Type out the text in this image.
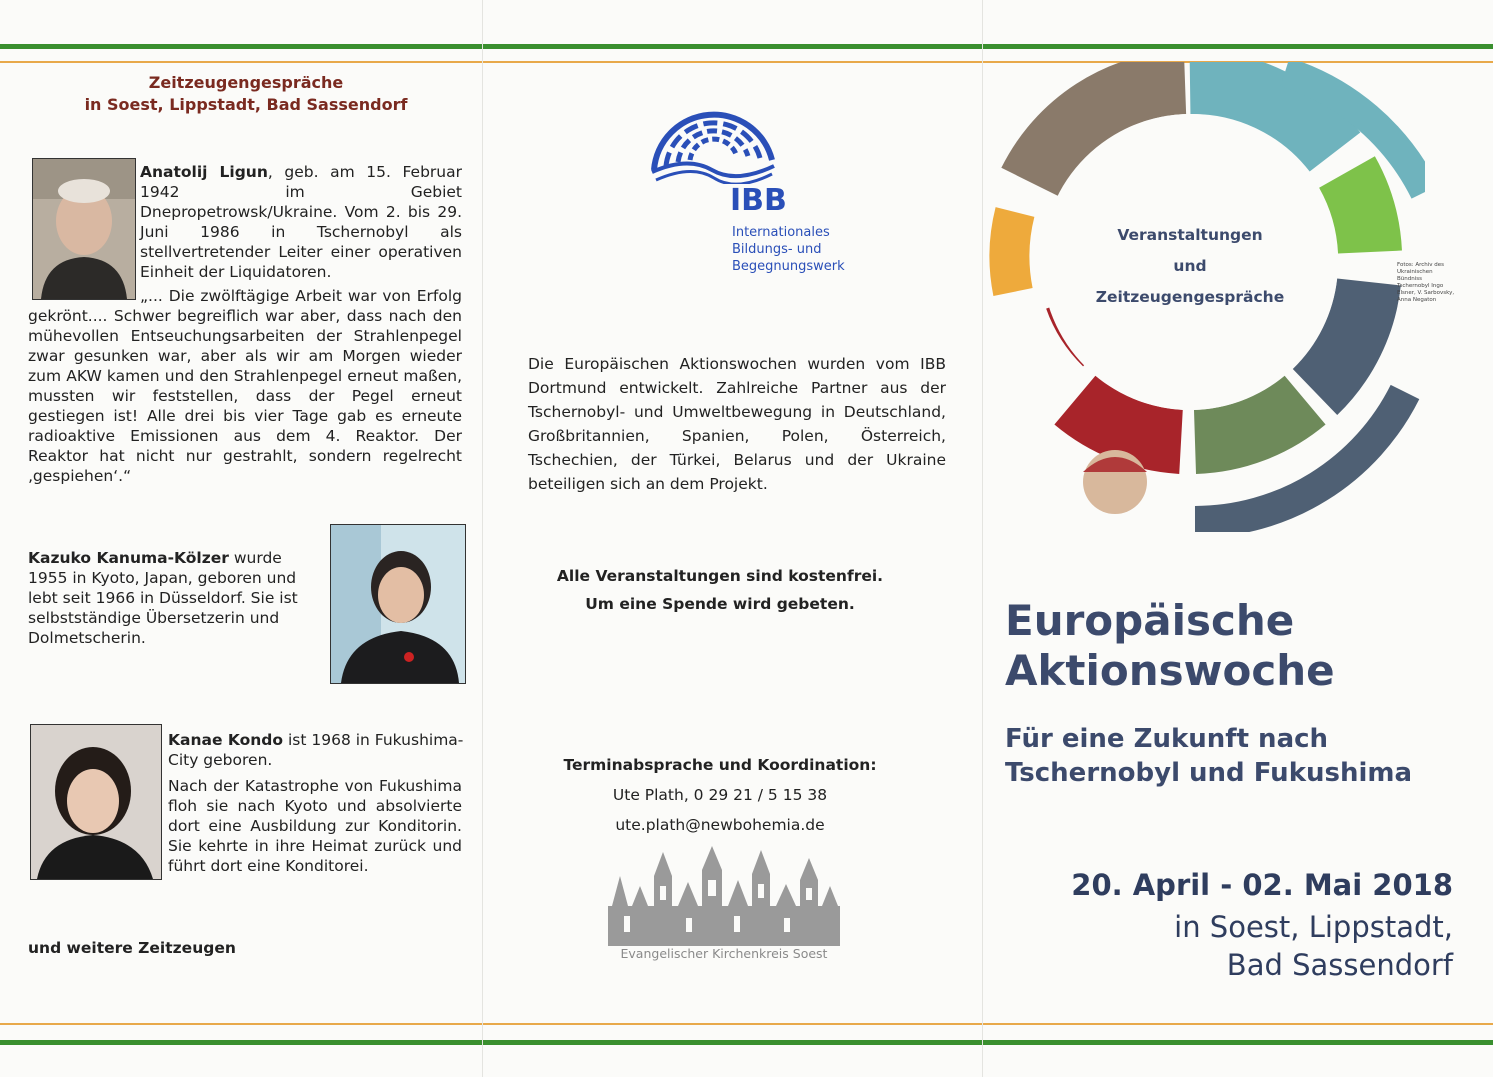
Zeitzeugengespräche
in Soest, Lippstadt, Bad Sassendorf
Anatolij Ligun, geb. am 15. Februar 1942 im Gebiet Dnepropetrowsk/Ukraine. Vom 2. bis 29. Juni 1986 in Tschernobyl als stellvertretender Leiter einer operativen Einheit der Liquidatoren.
„... Die zwölftägige Arbeit war von Erfolg gekrönt.... Schwer begreiflich war aber, dass nach den mühevollen Entseuchungsarbeiten der Strahlenpegel zwar gesunken war, aber als wir am Morgen wieder zum AKW kamen und den Strahlenpegel erneut maßen, mussten wir feststellen, dass der Pegel erneut gestiegen ist! Alle drei bis vier Tage gab es erneute radioaktive Emissionen aus dem 4. Reaktor. Der Reaktor hat nicht nur gestrahlt, sondern regelrecht ‚gespiehen‘.“
Kazuko Kanuma-Kölzer wurde 1955 in Kyoto, Japan, geboren und lebt seit 1966 in Düsseldorf. Sie ist selbstständige Übersetzerin und Dolmetscherin.
Kanae Kondo ist 1968 in Fukushima-City geboren.
Nach der Katastrophe von Fukushima floh sie nach Kyoto und absolvierte dort eine Ausbildung zur Konditorin. Sie kehrte in ihre Heimat zurück und führt dort eine Konditorei.
und weitere Zeitzeugen
IBB
Internationales
Bildungs- und
Begegnungswerk
Die Europäischen Aktionswochen wurden vom IBB Dortmund entwickelt. Zahlreiche Partner aus der Tschernobyl- und Umweltbewegung in Deutschland, Großbritannien, Spanien, Polen, Österreich, Tschechien, der Türkei, Belarus und der Ukraine beteiligen sich an dem Projekt.
Alle Veranstaltungen sind kostenfrei.
Um eine Spende wird gebeten.
Terminabsprache und Koordination:
Ute Plath, 0 29 21 / 5 15 38
ute.plath@newbohemia.de
Evangelischer Kirchenkreis Soest
Veranstaltungen
und
Zeitzeugengespräche
Fotos: Archiv des Ukrainischen Bündniss Tschernobyl Ingo Elsner, V. Sarbovsky, Anna Negaton
Europäische
Aktionswoche
Für eine Zukunft nach
Tschernobyl und Fukushima
20. April - 02. Mai 2018
in Soest, Lippstadt,
Bad Sassendorf
